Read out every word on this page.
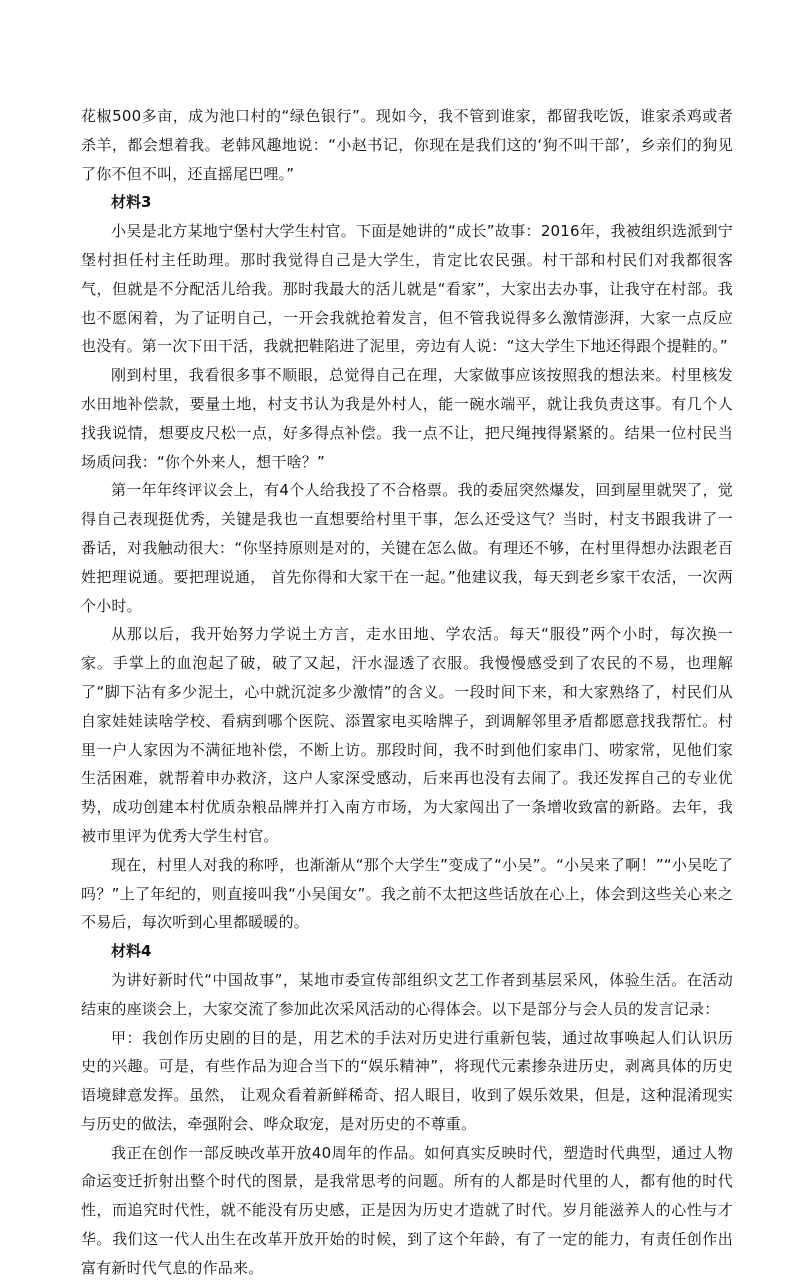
花椒500多亩，成为池口村的“绿色银行”。现如今，我不管到谁家，都留我吃饭，谁家杀鸡或者杀羊，都会想着我。老韩风趣地说：“小赵书记，你现在是我们这的‘狗不叫干部’，乡亲们的狗见了你不但不叫，还直摇尾巴哩。”

材料3

小吴是北方某地宁堡村大学生村官。下面是她讲的“成长”故事：2016年，我被组织选派到宁堡村担任村主任助理。那时我觉得自己是大学生，肯定比农民强。村干部和村民们对我都很客气，但就是不分配活儿给我。那时我最大的活儿就是“看家”，大家出去办事，让我守在村部。我也不愿闲着，为了证明自己，一开会我就抢着发言，但不管我说得多么激情澎湃，大家一点反应也没有。第一次下田干活，我就把鞋陷进了泥里，旁边有人说：“这大学生下地还得跟个提鞋的。”

刚到村里，我看很多事不顺眼，总觉得自己在理，大家做事应该按照我的想法来。村里核发水田地补偿款，要量土地，村支书认为我是外村人，能一碗水端平，就让我负责这事。有几个人找我说情，想要皮尺松一点，好多得点补偿。我一点不让，把尺绳拽得紧紧的。结果一位村民当场质问我：“你个外来人，想干啥？”

第一年年终评议会上，有4个人给我投了不合格票。我的委屈突然爆发，回到屋里就哭了，觉得自己表现挺优秀，关键是我也一直想要给村里干事，怎么还受这气？当时，村支书跟我讲了一番话，对我触动很大：“你坚持原则是对的，关键在怎么做。有理还不够，在村里得想办法跟老百姓把理说通。要把理说通， 首先你得和大家干在一起。”他建议我，每天到老乡家干农活，一次两个小时。

从那以后，我开始努力学说土方言，走水田地、学农活。每天“服役”两个小时，每次换一家。手掌上的血泡起了破，破了又起，汗水湿透了衣服。我慢慢感受到了农民的不易，也理解了“脚下沾有多少泥土，心中就沉淀多少激情”的含义。一段时间下来，和大家熟络了，村民们从自家娃娃读啥学校、看病到哪个医院、添置家电买啥牌子，到调解邻里矛盾都愿意找我帮忙。村里一户人家因为不满征地补偿，不断上访。那段时间，我不时到他们家串门、唠家常，见他们家生活困难，就帮着申办救济，这户人家深受感动，后来再也没有去闹了。我还发挥自己的专业优势，成功创建本村优质杂粮品牌并打入南方市场，为大家闯出了一条增收致富的新路。去年，我被市里评为优秀大学生村官。

现在，村里人对我的称呼，也渐渐从“那个大学生”变成了“小吴”。“小吴来了啊！”“小吴吃了吗？”上了年纪的，则直接叫我“小吴闺女”。我之前不太把这些话放在心上，体会到这些关心来之不易后，每次听到心里都暖暖的。

材料4

为讲好新时代“中国故事”，某地市委宣传部组织文艺工作者到基层采风，体验生活。在活动结束的座谈会上，大家交流了参加此次采风活动的心得体会。以下是部分与会人员的发言记录：

甲：我创作历史剧的目的是，用艺术的手法对历史进行重新包装，通过故事唤起人们认识历史的兴趣。可是，有些作品为迎合当下的“娱乐精神”，将现代元素掺杂进历史，剥离具体的历史语境肆意发挥。虽然， 让观众看着新鲜稀奇、招人眼目，收到了娱乐效果，但是，这种混淆现实与历史的做法，牵强附会、哗众取宠，是对历史的不尊重。

我正在创作一部反映改革开放40周年的作品。如何真实反映时代，塑造时代典型，通过人物命运变迁折射出整个时代的图景，是我常思考的问题。所有的人都是时代里的人，都有他的时代性，而追究时代性，就不能没有历史感，正是因为历史才造就了时代。岁月能滋养人的心性与才华。我们这一代人出生在改革开放开始的时候，到了这个年龄，有了一定的能力，有责任创作出富有新时代气息的作品来。
